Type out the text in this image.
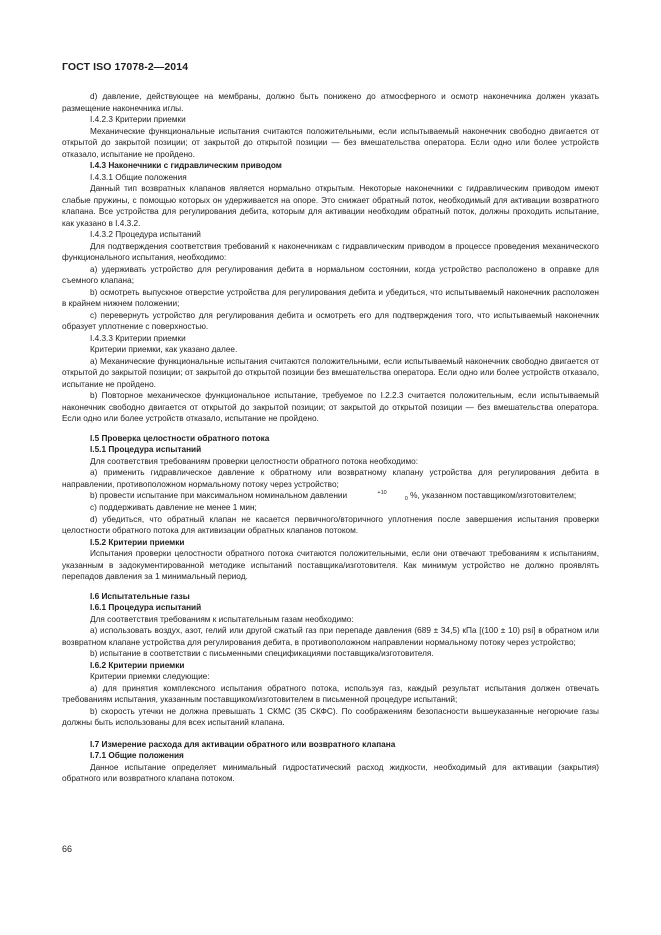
ГОСТ ISO 17078-2—2014

d) давление, действующее на мембраны, должно быть понижено до атмосферного и осмотр наконечника должен указать размещение наконечника иглы.

I.4.2.3 Критерии приемки

Механические функциональные испытания считаются положительными, если испытываемый наконечник свободно двигается от открытой до закрытой позиции; от закрытой до открытой позиции — без вмешательства оператора. Если одно или более устройств отказало, испытание не пройдено.

I.4.3 Наконечники с гидравлическим приводом

I.4.3.1 Общие положения

Данный тип возвратных клапанов является нормально открытым. Некоторые наконечники с гидравлическим приводом имеют слабые пружины, с помощью которых он удерживается на опоре. Это снижает обратный поток, необходимый для активации возвратного клапана. Все устройства для регулирования дебита, которым для активации необходим обратный поток, должны проходить испытание, как указано в I.4.3.2.

I.4.3.2 Процедура испытаний

Для подтверждения соответствия требований к наконечникам с гидравлическим приводом в процессе проведения механического функционального испытания, необходимо:

a) удерживать устройство для регулирования дебита в нормальном состоянии, когда устройство расположено в оправке для съемного клапана;

b) осмотреть выпускное отверстие устройства для регулирования дебита и убедиться, что испытываемый наконечник расположен в крайнем нижнем положении;

c) перевернуть устройство для регулирования дебита и осмотреть его для подтверждения того, что испытываемый наконечник образует уплотнение с поверхностью.

I.4.3.3 Критерии приемки

Критерии приемки, как указано далее.

a) Механические функциональные испытания считаются положительными, если испытываемый наконечник свободно двигается от открытой до закрытой позиции; от закрытой до открытой позиции без вмешательства оператора. Если одно или более устройств отказало, испытание не пройдено.

b) Повторное механическое функциональное испытание, требуемое по I.2.2.3 считается положительным, если испытываемый наконечник свободно двигается от открытой до закрытой позиции; от закрытой до открытой позиции — без вмешательства оператора. Если одно или более устройств отказало, испытание не пройдено.

I.5 Проверка целостности обратного потока

I.5.1 Процедура испытаний

Для соответствия требованиям проверки целостности обратного потока необходимо:

a) применить гидравлическое давление к обратному или возвратному клапану устройства для регулирования дебита в направлении, противоположном нормальному потоку через устройство;

b) провести испытание при максимальном номинальном давлении	+100 %, указанном поставщиком/изготовителем;

c) поддерживать давление не менее 1 мин;

d) убедиться, что обратный клапан не касается первичного/вторичного уплотнения после завершения испытания проверки целостности обратного потока для активизации обратных клапанов потоком.

I.5.2 Критерии приемки

Испытания проверки целостности обратного потока считаются положительными, если они отвечают требованиям к испытаниям, указанным в задокументированной методике испытаний поставщика/изготовителя. Как минимум устройство не должно проявлять перепадов давления за 1 минимальный период.

I.6 Испытательные газы

I.6.1 Процедура испытаний

Для соответствия требованиям к испытательным газам необходимо:

a) использовать воздух, азот, гелий или другой сжатый газ при перепаде давления (689 ± 34,5) кПа [(100 ± 10) psi] в обратном или возвратном клапане устройства для регулирования дебита, в противоположном направлении нормальному потоку через устройство;

b) испытание в соответствии с письменными спецификациями поставщика/изготовителя.

I.6.2 Критерии приемки

Критерии приемки следующие:

a) для принятия комплексного испытания обратного потока, используя газ, каждый результат испытания должен отвечать требованиям испытания, указанным поставщиком/изготовителем в письменной процедуре испытаний;

b) скорость утечки не должна превышать 1 СКМС (35 СКФС). По соображениям безопасности вышеуказанные негорючие газы должны быть использованы для всех испытаний клапана.

I.7 Измерение расхода для активации обратного или возвратного клапана

I.7.1 Общие положения

Данное испытание определяет минимальный гидростатический расход жидкости, необходимый для активации (закрытия) обратного или возвратного клапана потоком.

66
